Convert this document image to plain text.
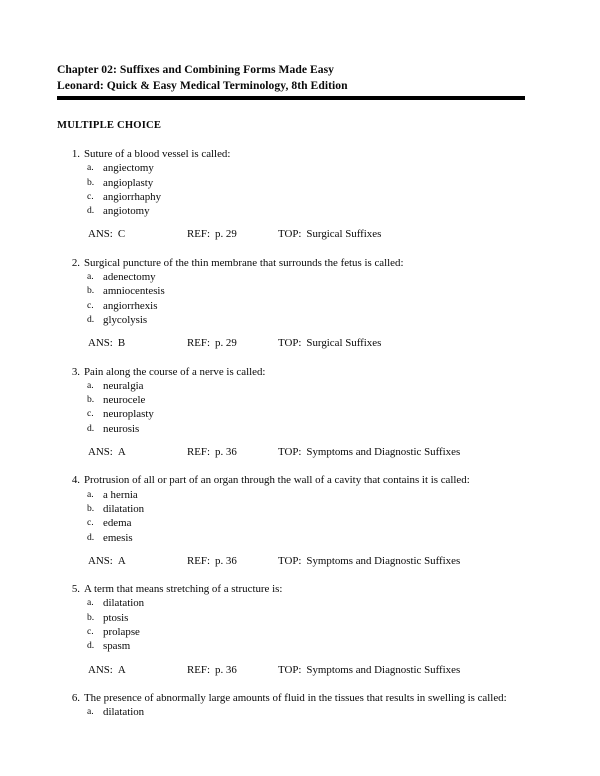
Chapter 02: Suffixes and Combining Forms Made Easy
Leonard: Quick & Easy Medical Terminology, 8th Edition
MULTIPLE CHOICE
1. Suture of a blood vessel is called:
a. angiectomy
b. angioplasty
c. angiorrhaphy
d. angiotomy
ANS: C	REF: p. 29	TOP: Surgical Suffixes
2. Surgical puncture of the thin membrane that surrounds the fetus is called:
a. adenectomy
b. amniocentesis
c. angiorrhexis
d. glycolysis
ANS: B	REF: p. 29	TOP: Surgical Suffixes
3. Pain along the course of a nerve is called:
a. neuralgia
b. neurocele
c. neuroplasty
d. neurosis
ANS: A	REF: p. 36	TOP: Symptoms and Diagnostic Suffixes
4. Protrusion of all or part of an organ through the wall of a cavity that contains it is called:
a. a hernia
b. dilatation
c. edema
d. emesis
ANS: A	REF: p. 36	TOP: Symptoms and Diagnostic Suffixes
5. A term that means stretching of a structure is:
a. dilatation
b. ptosis
c. prolapse
d. spasm
ANS: A	REF: p. 36	TOP: Symptoms and Diagnostic Suffixes
6. The presence of abnormally large amounts of fluid in the tissues that results in swelling is called:
a. dilatation
